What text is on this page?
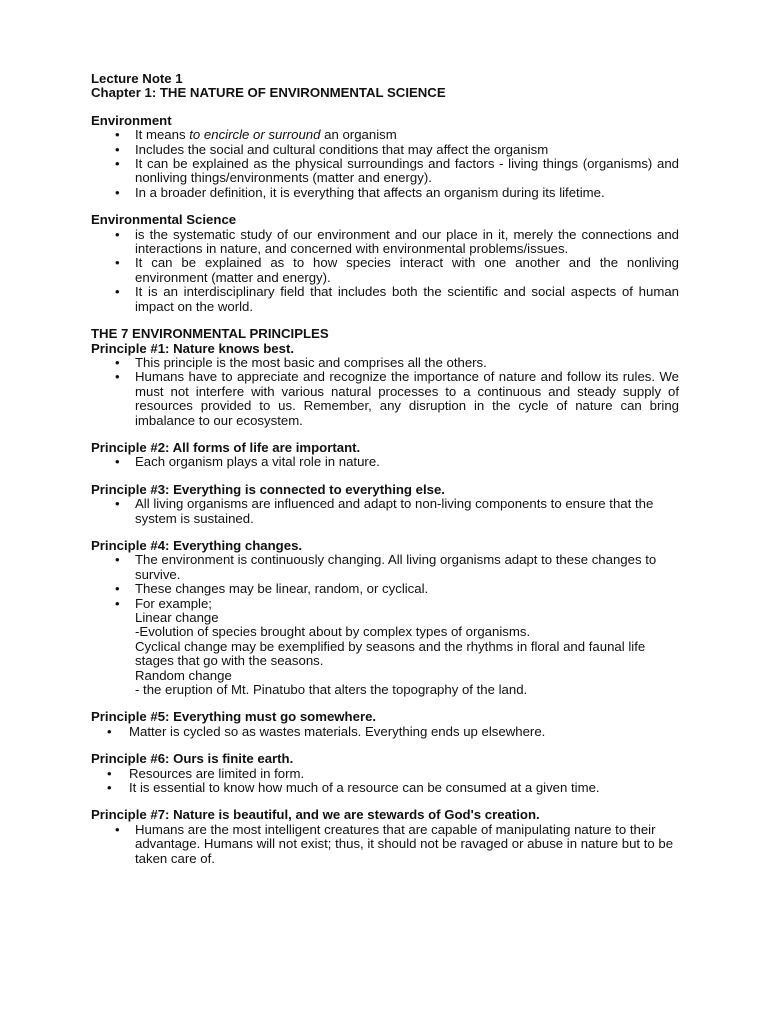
Lecture Note 1
Chapter 1: THE NATURE OF ENVIRONMENTAL SCIENCE
Environment
• It means to encircle or surround an organism
• Includes the social and cultural conditions that may affect the organism
• It can be explained as the physical surroundings and factors - living things (organisms) and nonliving things/environments (matter and energy).
• In a broader definition, it is everything that affects an organism during its lifetime.
Environmental Science
• is the systematic study of our environment and our place in it, merely the connections and interactions in nature, and concerned with environmental problems/issues.
• It can be explained as to how species interact with one another and the nonliving environment (matter and energy).
• It is an interdisciplinary field that includes both the scientific and social aspects of human impact on the world.
THE 7 ENVIRONMENTAL PRINCIPLES
Principle #1: Nature knows best.
• This principle is the most basic and comprises all the others.
• Humans have to appreciate and recognize the importance of nature and follow its rules. We must not interfere with various natural processes to a continuous and steady supply of resources provided to us. Remember, any disruption in the cycle of nature can bring imbalance to our ecosystem.
Principle #2: All forms of life are important.
• Each organism plays a vital role in nature.
Principle #3: Everything is connected to everything else.
• All living organisms are influenced and adapt to non-living components to ensure that the system is sustained.
Principle #4: Everything changes.
• The environment is continuously changing. All living organisms adapt to these changes to survive.
• These changes may be linear, random, or cyclical.
• For example;
Linear change
-Evolution of species brought about by complex types of organisms.
Cyclical change may be exemplified by seasons and the rhythms in floral and faunal life stages that go with the seasons.
Random change
- the eruption of Mt. Pinatubo that alters the topography of the land.
Principle #5: Everything must go somewhere.
• Matter is cycled so as wastes materials. Everything ends up elsewhere.
Principle #6: Ours is finite earth.
• Resources are limited in form.
• It is essential to know how much of a resource can be consumed at a given time.
Principle #7: Nature is beautiful, and we are stewards of God's creation.
• Humans are the most intelligent creatures that are capable of manipulating nature to their advantage. Humans will not exist; thus, it should not be ravaged or abuse in nature but to be taken care of.
